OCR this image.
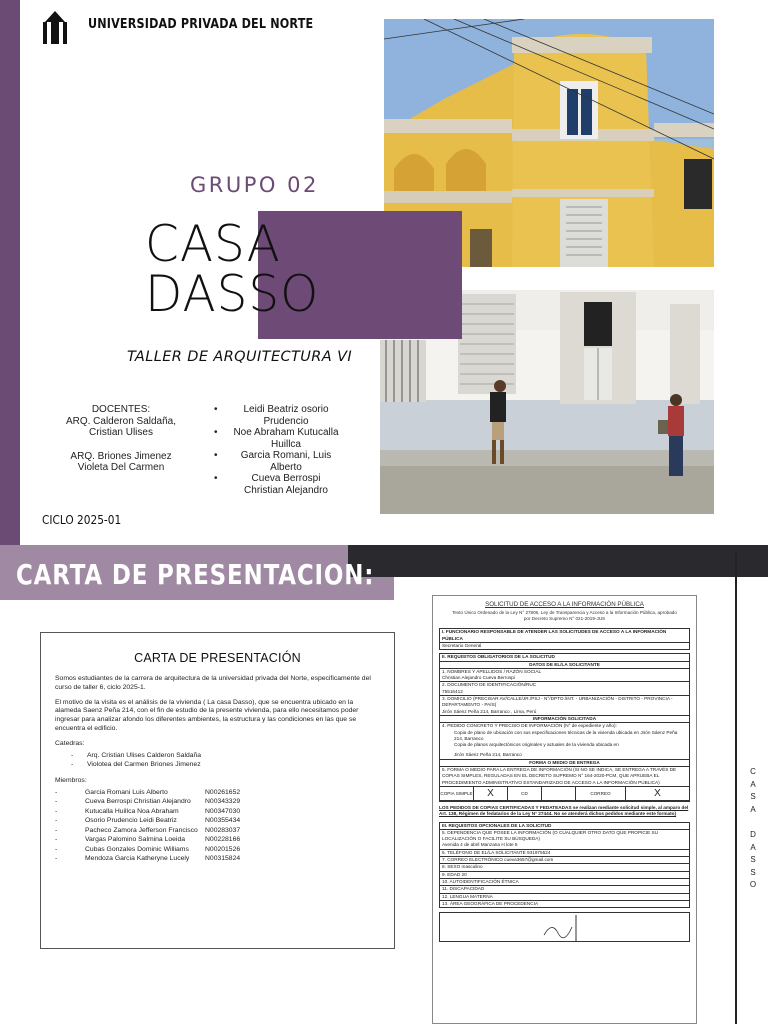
UNIVERSIDAD PRIVADA DEL NORTE
GRUPO 02
CASA
DASSO
TALLER DE ARQUITECTURA VI
DOCENTES:
ARQ. Calderon Saldaña,
Cristian Ulises
ARQ. Briones Jimenez
Violeta Del Carmen
• Leidi Beatriz osorio
Prudencio
• Noe Abraham Kutucalla
Huillca
• Garcia Romani, Luis
Alberto
• Cueva Berrospi
Christian Alejandro
CICLO 2025-01
CARTA DE PRESENTACION:
C
A
S
A

D
A
S
S
O
CARTA DE PRESENTACIÓN

Somos estudiantes de la carrera de arquitectura de la universidad privada del Norte, especificamente del curso de taller 6, ciclo 2025-1.

El motivo de la visita es el análisis de la vivienda ( La casa Dasso), que se encuentra ubicado en la alameda Saenz Peña 214, con el fin de estudio de la presente vivienda, para ello necesitamos poder ingresar para analizar afondo los diferentes ambientes, la estructura y las condiciones en las que se encuentra el edificio.

Catedras:
- Arq. Cristian Ulises Calderon Saldaña
- Violotea del Carmen Briones Jimenez
Miembros:
- Garcia Romani Luis Alberto	N00261652
- Cueva Berrospi Christian Alejandro	N00343329
- Kutucalla Huillca Noa Abraham	N00347030
- Osorio Prudencio Leidi Beatriz	N00355434
- Pacheco Zamora Jefferson Francisco	N00283037
- Vargas Palomino Salmina Loeida	N00228166
- Cubas Gonzales Dominic Williams	N00201526
- Mendoza Garcia Katheryne Lucely	N00315824
SOLICITUD DE ACCESO A LA INFORMACIÓN PÚBLICA
Texto Único Ordenado de la Ley N° 27806, Ley de Transparencia y Acceso a la Información Pública, aprobado por Decreto Supremo N° 021-2019-JUS
I. FUNCIONARIO RESPONSABLE DE ATENDER LAS SOLICITUDES DE ACCESO A LA INFORMACIÓN PÚBLICA
Secretario General
II. REQUISITOS OBLIGATORIOS DE LA SOLICITUD
DATOS DE EL/LA SOLICITANTE
1. NOMBRES Y APELLIDOS / RAZÓN SOCIAL
Christian Alejandro Cueva Berrospi
2. DOCUMENTO DE IDENTIFICACIÓN/RUC
75516412
3. DOMICILIO (PRECISAR AV/CALLE/JR./PSJ - N°/DPTO./INT. - URBANIZACIÓN - DISTRITO - PROVINCIA - DEPARTAMENTO - PAÍS)
Jirón Sáenz Peña 214, Barranco , Lima, Perú
INFORMACIÓN SOLICITADA
4. PEDIDO CONCRETO Y PRECISO DE INFORMACIÓN (N° de expediente y año):
Copia de plano de ubicación con sus especificaciones técnicas de la vivienda ubicada en Jirón Sáenz Peña 214, Barranco
Copia de planos arquitectónicos originales y actuales de la vivienda ubicada en
Jirón Sáenz Peña 214, Barranco
FORMA O MEDIO DE ENTREGA
5. FORMA O MEDIO PARA LA ENTREGA DE INFORMACIÓN (SI NO SE INDICA, SE ENTREGA A TRAVÉS DE COPIAS SIMPLES, REGULADAS EN EL DECRETO SUPREMO N° 164-2020-PCM, QUE APRUEBA EL PROCEDIMIENTO ADMINISTRATIVO ESTANDARIZADO DE ACCESO A LA INFORMACIÓN PÚBLICA)
COPIA SIMPLE	X	CD	CORREO	X
LOS PEDIDOS DE COPIAS CERTIFICADAS Y FEDATEADAS se realizan mediante solicitud simple, al amparo del Art. 138, Régimen de fedatarios de la Ley N° 27444. No se atenderá dichos pedidos mediante este formato)
III. REQUISITOS OPCIONALES DE LA SOLICITUD
5. DEPENDENCIA QUE POSEE LA INFORMACIÓN (O CUALQUIER OTRO DATO QUE PROPICIE SU LOCALIZACIÓN O FACILITE SU BÚSQUEDA)
Avenida 4 de abril Manzana H lote 5
6. TELÉFONO DE EL/LA SOLICITANTE 931975524
7. CORREO ELECTRÓNICO cueva3657@gmail.com
8. SEXO masculino
9. EDAD 20
10. AUTOIDENTIFICACIÓN ÉTNICA
11. DISCAPACIDAD
12. LENGUA MATERNA
13. ÁREA GEOGRÁFICA DE PROCEDENCIA
